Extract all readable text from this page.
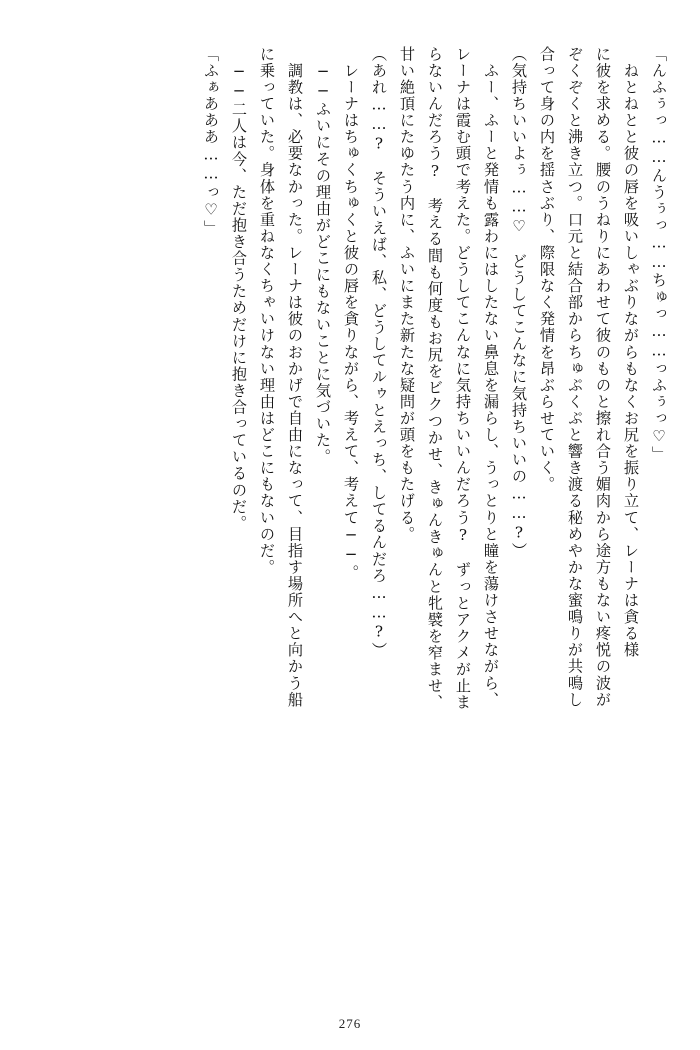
「んふぅっ……んうぅっ……ちゅっ……っふぅっ♡」
　ねとねとと彼の唇を吸いしゃぶりながらもなくお尻を振り立て、レーナは貪る様
に彼を求める。腰のうねりにあわせて彼のものと擦れ合う媚肉から途方もない疼悦の波が
ぞくぞくと沸き立つ。口元と結合部からちゅぷくぷと響き渡る秘めやかな蜜鳴りが共鳴し
合って身の内を揺さぶり、際限なく発情を昂ぶらせていく。
（気持ちいいよぅ……♡　どうしてこんなに気持ちいいの……?）
　ふー、ふーと発情も露わにはしたない鼻息を漏らし、うっとりと瞳を蕩けさせながら、
レーナは霞む頭で考えた。どうしてこんなに気持ちいいんだろう?　ずっとアクメが止ま
らないんだろう?　考える間も何度もお尻をビクつかせ、きゅんきゅんと牝襞を窄ませ、
甘い絶頂にたゆたう内に、ふいにまた新たな疑問が頭をもたげる。
（あれ……?　そういえば、私、どうしてルゥとえっち、してるんだろ……?）
　レーナはちゅくちゅくと彼の唇を貪りながら、考えて、考えて──。
　──ふいにその理由がどこにもないことに気づいた。
　調教は、必要なかった。レーナは彼のおかげで自由になって、目指す場所へと向かう船
に乗っていた。身体を重ねなくちゃいけない理由はどこにもないのだ。
　──二人は今、ただ抱き合うためだけに抱き合っているのだ。
「ふぁあああ……っ♡」
276
